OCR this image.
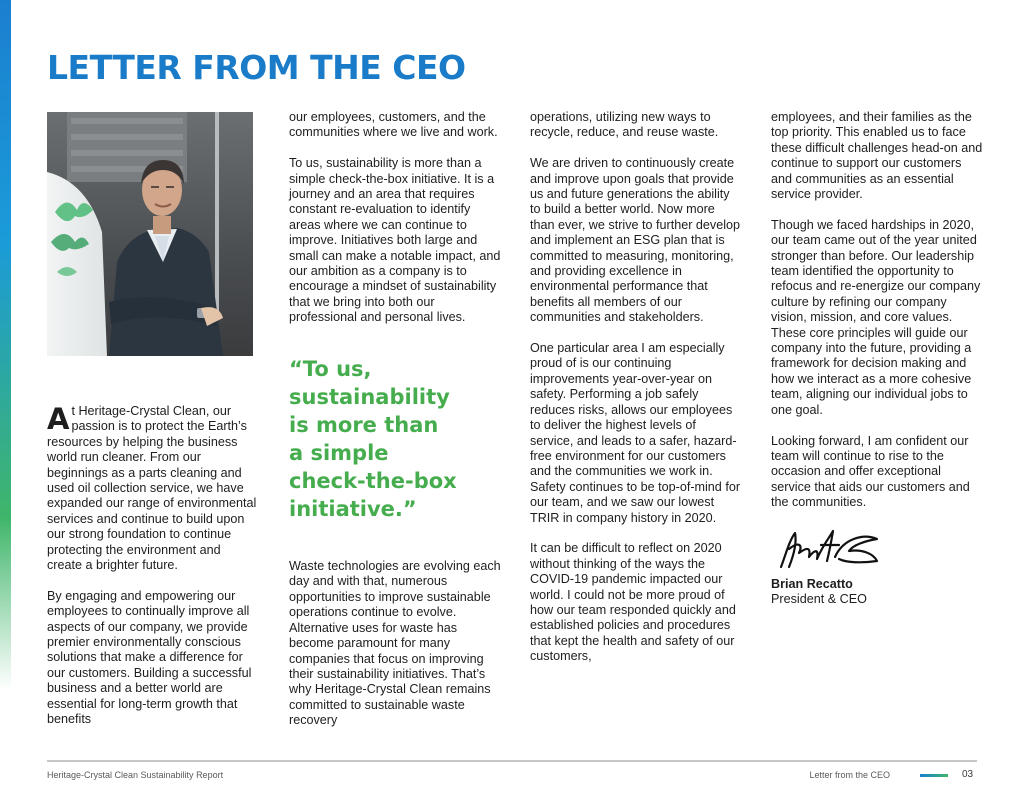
LETTER FROM THE CEO

At Heritage-Crystal Clean, our passion is to protect the Earth’s resources by helping the business world run cleaner. From our beginnings as a parts cleaning and used oil collection service, we have expanded our range of environmental services and continue to build upon our strong foundation to continue protecting the environment and create a brighter future.

By engaging and empowering our employees to continually improve all aspects of our company, we provide premier environmentally conscious solutions that make a difference for our customers. Building a successful business and a better world are essential for long-term growth that benefits

our employees, customers, and the communities where we live and work.

To us, sustainability is more than a simple check-the-box initiative. It is a journey and an area that requires constant re-evaluation to identify areas where we can continue to improve. Initiatives both large and small can make a notable impact, and our ambition as a company is to encourage a mindset of sustainability that we bring into both our professional and personal lives.

“To us,
sustainability
is more than
a simple
check-the-box
initiative.”

Waste technologies are evolving each day and with that, numerous opportunities to improve sustainable operations continue to evolve. Alternative uses for waste has become paramount for many companies that focus on improving their sustainability initiatives. That’s why Heritage-Crystal Clean remains committed to sustainable waste recovery

operations, utilizing new ways to recycle, reduce, and reuse waste.

We are driven to continuously create and improve upon goals that provide us and future generations the ability to build a better world. Now more than ever, we strive to further develop and implement an ESG plan that is committed to measuring, monitoring, and providing excellence in environmental performance that benefits all members of our communities and stakeholders.

One particular area I am especially proud of is our continuing improvements year-over-year on safety. Performing a job safely reduces risks, allows our employees to deliver the highest levels of service, and leads to a safer, hazard-free environment for our customers and the communities we work in. Safety continues to be top-of-mind for our team, and we saw our lowest TRIR in company history in 2020.

It can be difficult to reflect on 2020 without thinking of the ways the COVID-19 pandemic impacted our world. I could not be more proud of how our team responded quickly and established policies and procedures that kept the health and safety of our customers,

employees, and their families as the top priority. This enabled us to face these difficult challenges head-on and continue to support our customers and communities as an essential service provider.

Though we faced hardships in 2020, our team came out of the year united stronger than before. Our leadership team identified the opportunity to refocus and re-energize our company culture by refining our company vision, mission, and core values. These core principles will guide our company into the future, providing a framework for decision making and how we interact as a more cohesive team, aligning our individual jobs to one goal.

Looking forward, I am confident our team will continue to rise to the occasion and offer exceptional service that aids our customers and the communities.

Brian Recatto
President & CEO
Heritage-Crystal Clean Sustainability Report	Letter from the CEO	03
